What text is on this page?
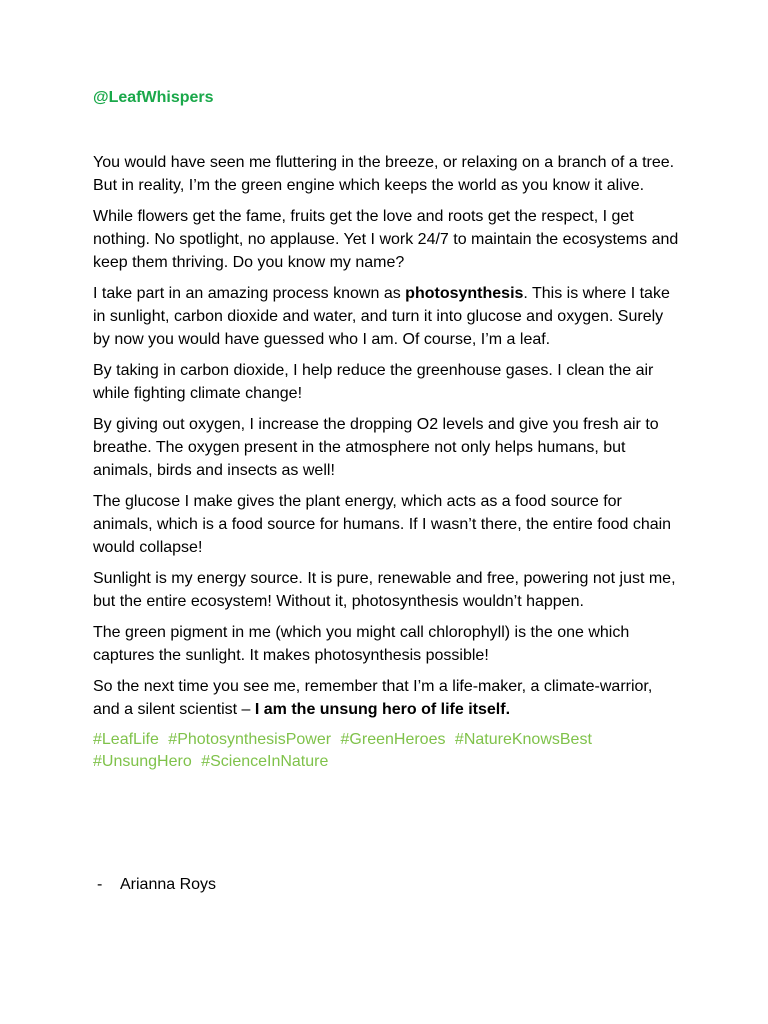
@LeafWhispers

You would have seen me fluttering in the breeze, or relaxing on a branch of a tree. But in reality, I’m the green engine which keeps the world as you know it alive.

While flowers get the fame, fruits get the love and roots get the respect, I get nothing. No spotlight, no applause. Yet I work 24/7 to maintain the ecosystems and keep them thriving. Do you know my name?

I take part in an amazing process known as photosynthesis. This is where I take in sunlight, carbon dioxide and water, and turn it into glucose and oxygen. Surely by now you would have guessed who I am. Of course, I’m a leaf.

By taking in carbon dioxide, I help reduce the greenhouse gases. I clean the air while fighting climate change!

By giving out oxygen, I increase the dropping O2 levels and give you fresh air to breathe. The oxygen present in the atmosphere not only helps humans, but animals, birds and insects as well!

The glucose I make gives the plant energy, which acts as a food source for animals, which is a food source for humans. If I wasn’t there, the entire food chain would collapse!

Sunlight is my energy source. It is pure, renewable and free, powering not just me, but the entire ecosystem! Without it, photosynthesis wouldn’t happen.

The green pigment in me (which you might call chlorophyll) is the one which captures the sunlight. It makes photosynthesis possible!

So the next time you see me, remember that I’m a life-maker, a climate-warrior, and a silent scientist – I am the unsung hero of life itself.

#LeafLife #PhotosynthesisPower #GreenHeroes #NatureKnowsBest
#UnsungHero #ScienceInNature
- Arianna Roys
